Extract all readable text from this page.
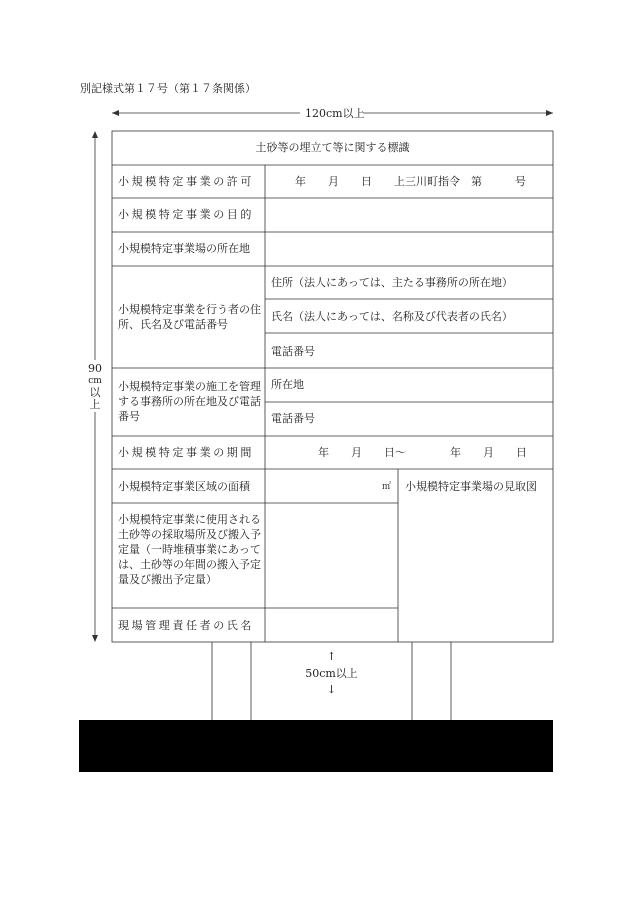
別記様式第１７号（第１７条関係）
120cm以上
90
cm
以
上
土砂等の埋立て等に関する標識
小規模特定事業の許可	年　　月　　日　　上三川町指令　第　　　号
小規模特定事業の目的
小規模特定事業場の所在地
小規模特定事業を行う者の住所、氏名及び電話番号
住所（法人にあっては、主たる事務所の所在地）
氏名（法人にあっては、名称及び代表者の氏名）
電話番号
小規模特定事業の施工を管理する事務所の所在地及び電話番号
所在地
電話番号
小規模特定事業の期間	年　　月　　日〜　　　　年　　月　　日
小規模特定事業区域の面積	㎡ 小規模特定事業場の見取図
小規模特定事業に使用される土砂等の採取場所及び搬入予定量（一時堆積事業にあっては、土砂等の年間の搬入予定量及び搬出予定量）
現場管理責任者の氏名
↑
50cm以上
↓
